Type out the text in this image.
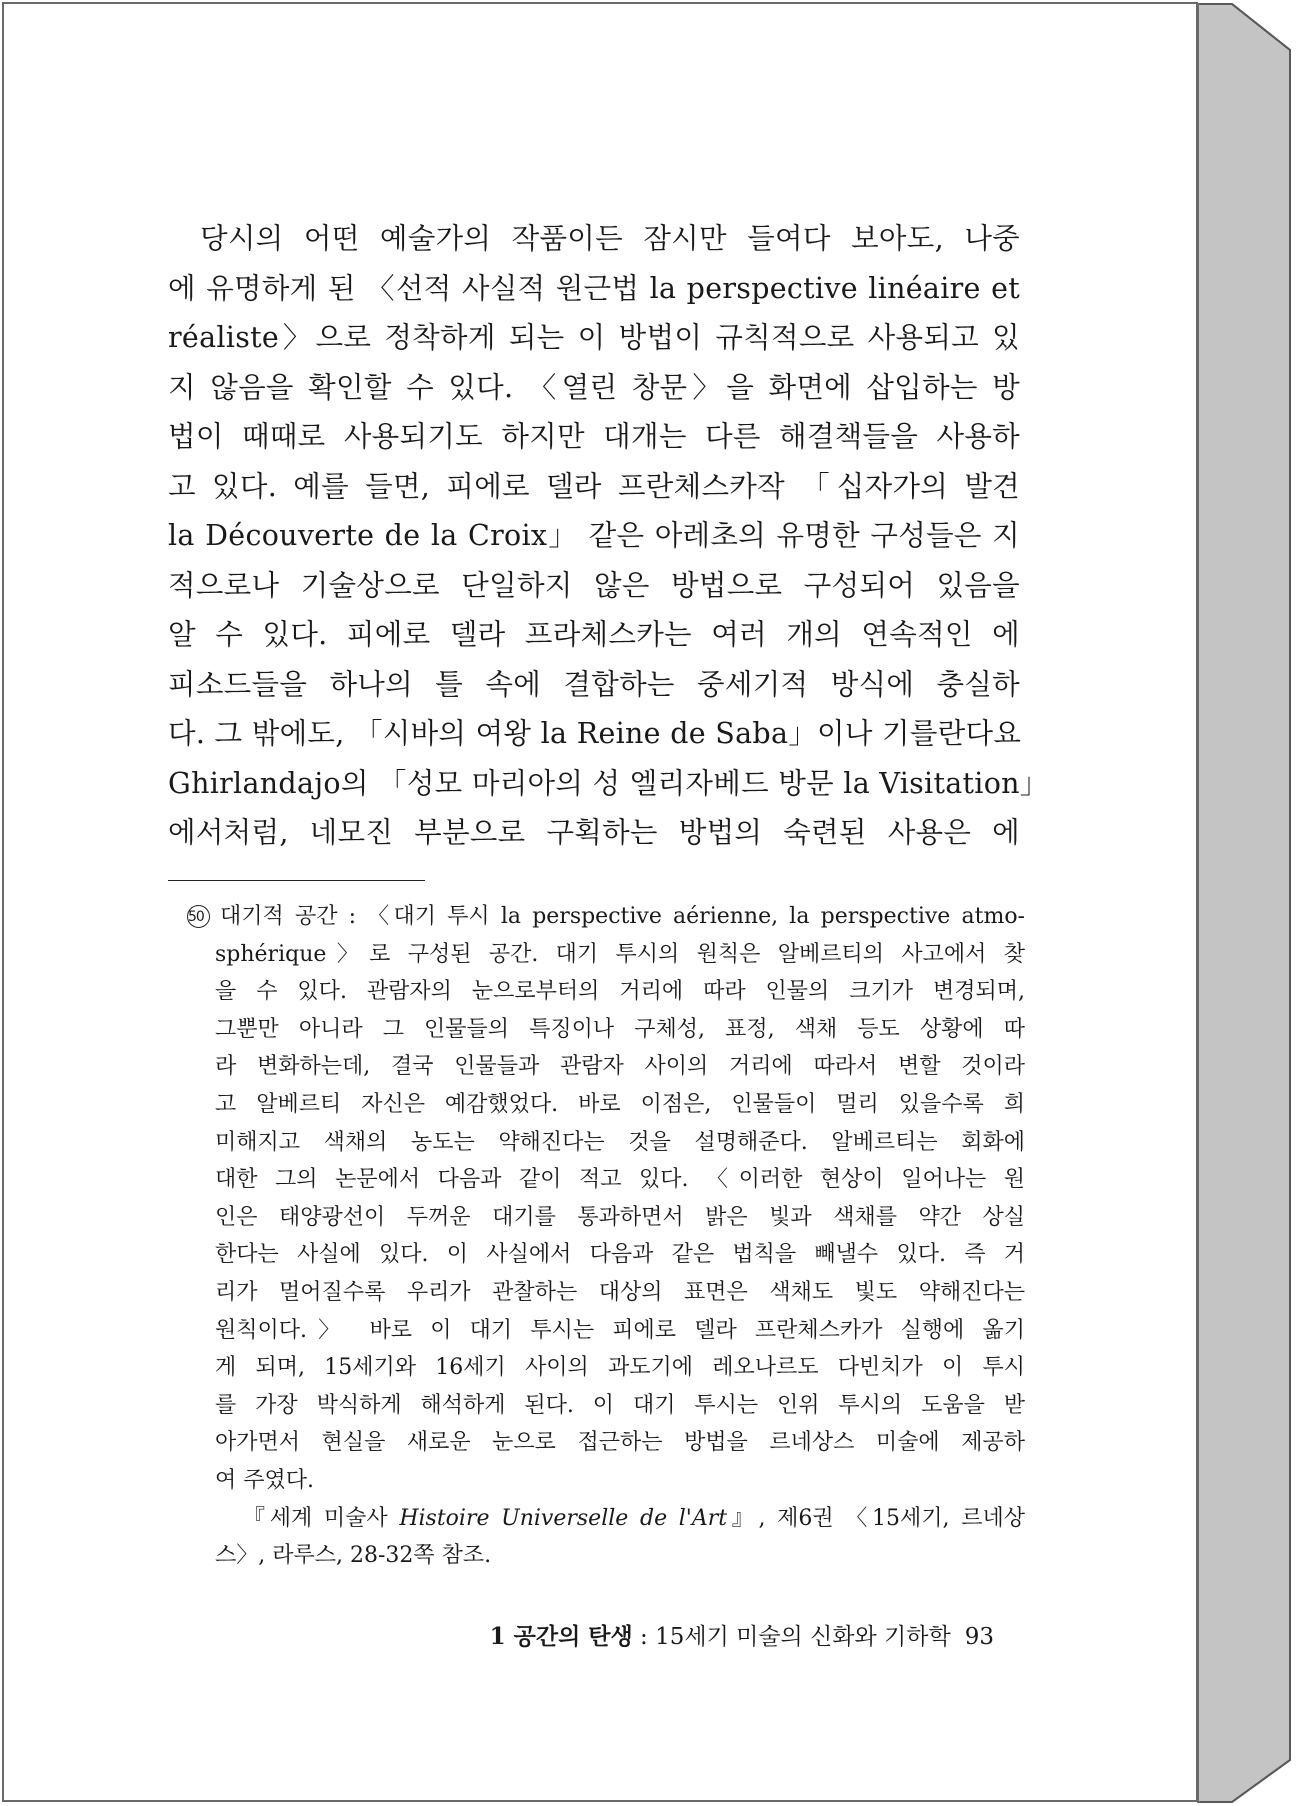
당시의 어떤 예술가의 작품이든 잠시만 들여다 보아도, 나중
에 유명하게 된 〈선적 사실적 원근법 la perspective linéaire et
réaliste〉으로 정착하게 되는 이 방법이 규칙적으로 사용되고 있
지 않음을 확인할 수 있다. 〈열린 창문〉을 화면에 삽입하는 방
법이 때때로 사용되기도 하지만 대개는 다른 해결책들을 사용하
고 있다. 예를 들면, 피에로 델라 프란체스카작 「십자가의 발견
la Découverte de la Croix」 같은 아레초의 유명한 구성들은 지
적으로나 기술상으로 단일하지 않은 방법으로 구성되어 있음을
알 수 있다. 피에로 델라 프라체스카는 여러 개의 연속적인 에
피소드들을 하나의 틀 속에 결합하는 중세기적 방식에 충실하
다. 그 밖에도, 「시바의 여왕 la Reine de Saba」이나 기를란다요
Ghirlandajo의 「성모 마리아의 성 엘리자베드 방문 la Visitation」
에서처럼, 네모진 부분으로 구획하는 방법의 숙련된 사용은 에
50 대기적 공간 : 〈대기 투시 la perspective aérienne, la perspective atmo-
sphérique〉로 구성된 공간. 대기 투시의 원칙은 알베르티의 사고에서 찾
을 수 있다. 관람자의 눈으로부터의 거리에 따라 인물의 크기가 변경되며,
그뿐만 아니라 그 인물들의 특징이나 구체성, 표정, 색채 등도 상황에 따
라 변화하는데, 결국 인물들과 관람자 사이의 거리에 따라서 변할 것이라
고 알베르티 자신은 예감했었다. 바로 이점은, 인물들이 멀리 있을수록 희
미해지고 색채의 농도는 약해진다는 것을 설명해준다. 알베르티는 회화에
대한 그의 논문에서 다음과 같이 적고 있다. 〈이러한 현상이 일어나는 원
인은 태양광선이 두꺼운 대기를 통과하면서 밝은 빛과 색채를 약간 상실
한다는 사실에 있다. 이 사실에서 다음과 같은 법칙을 빼낼수 있다. 즉 거
리가 멀어질수록 우리가 관찰하는 대상의 표면은 색채도 빛도 약해진다는
원칙이다.〉 바로 이 대기 투시는 피에로 델라 프란체스카가 실행에 옮기
게 되며, 15세기와 16세기 사이의 과도기에 레오나르도 다빈치가 이 투시
를 가장 박식하게 해석하게 된다. 이 대기 투시는 인위 투시의 도움을 받
아가면서 현실을 새로운 눈으로 접근하는 방법을 르네상스 미술에 제공하
여 주였다.
『세계 미술사 Histoire Universelle de l'Art』, 제6권 〈15세기, 르네상
스〉, 라루스, 28-32쪽 참조.
1 공간의 탄생 : 15세기 미술의 신화와 기하학 93
